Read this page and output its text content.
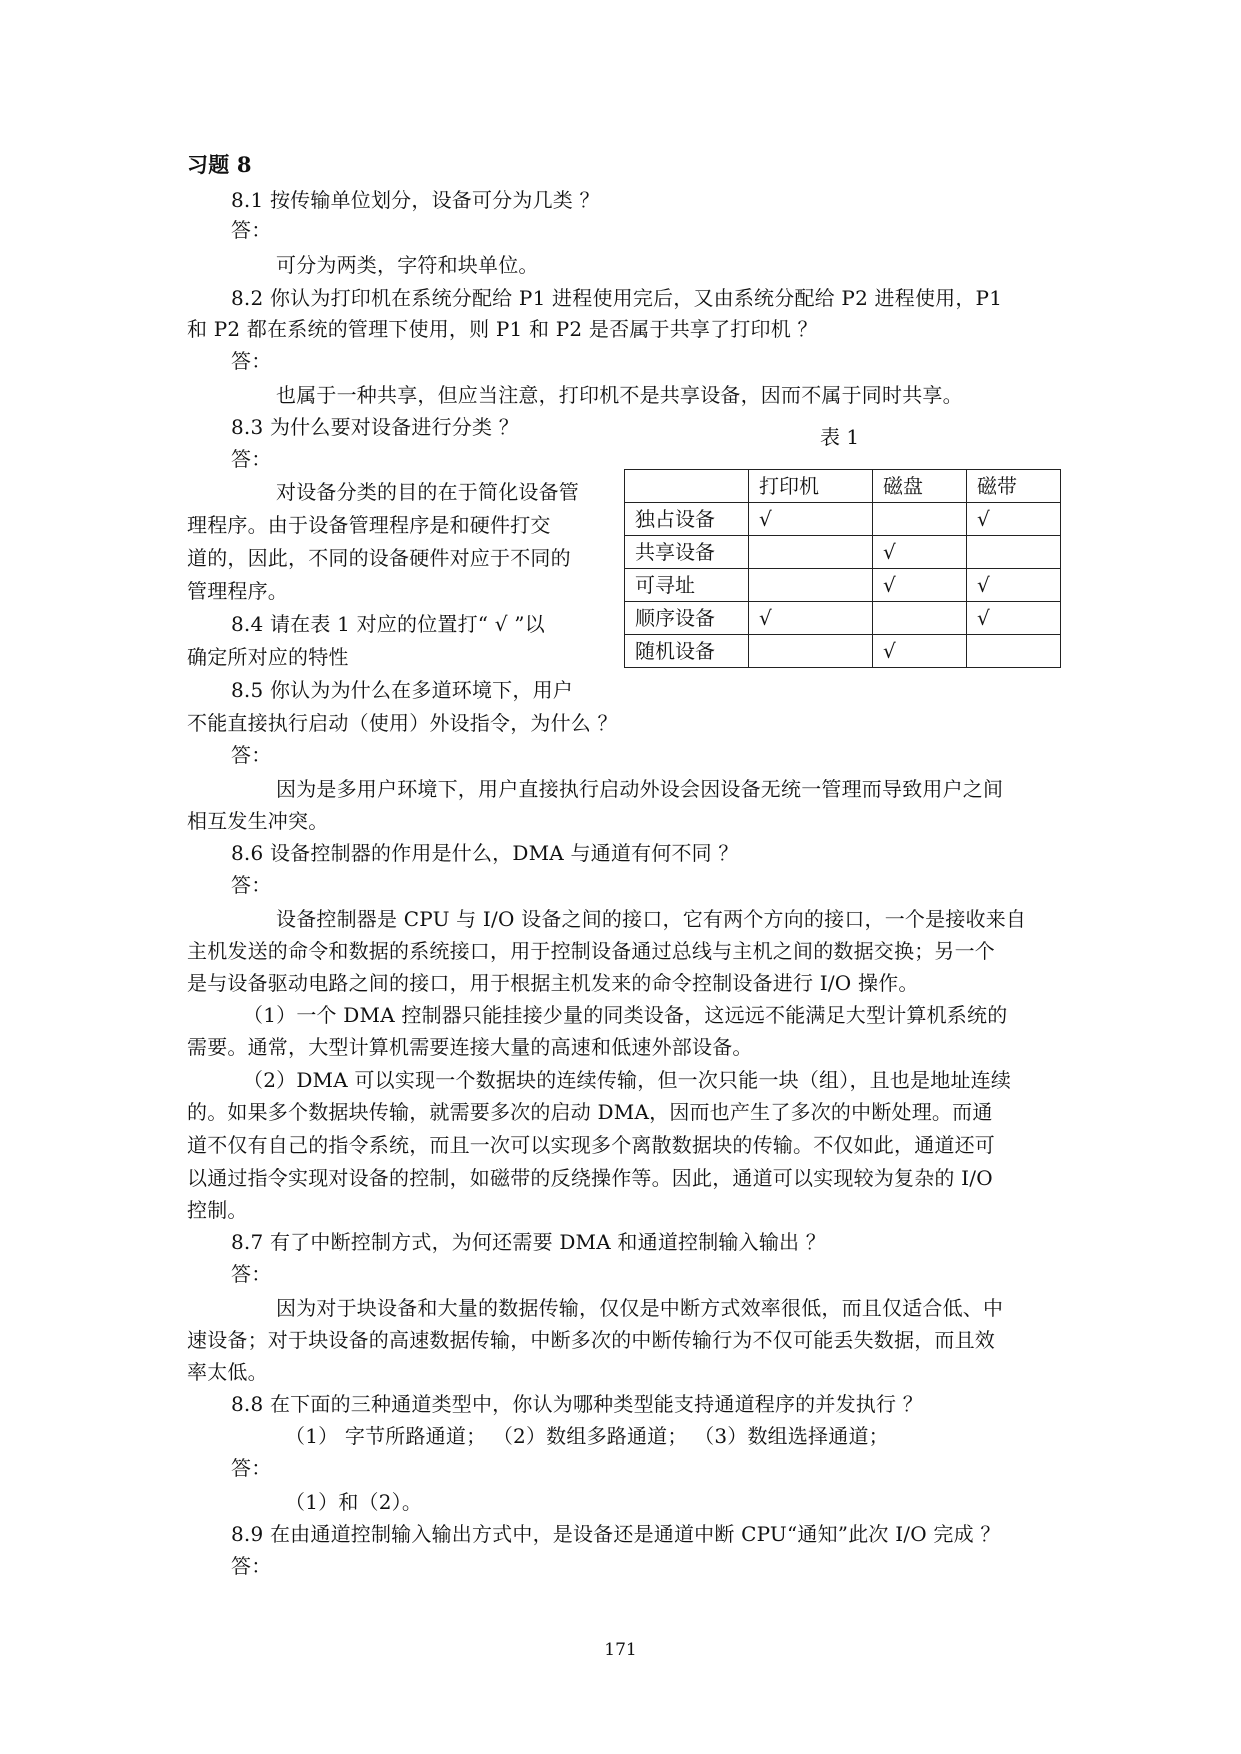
习题 8
8.1 按传输单位划分，设备可分为几类 ？
答：
可分为两类，字符和块单位。
8.2 你认为打印机在系统分配给 P1 进程使用完后，又由系统分配给 P2 进程使用，P1
和 P2 都在系统的管理下使用，则 P1 和 P2 是否属于共享了打印机 ？
答：
也属于一种共享，但应当注意，打印机不是共享设备，因而不属于同时共享。
8.3 为什么要对设备进行分类 ？
答：
对设备分类的目的在于简化设备管
理程序。由于设备管理程序是和硬件打交
道的，因此，不同的设备硬件对应于不同的
管理程序。
8.4 请在表 1 对应的位置打“ √ ”以
确定所对应的特性
8.5 你认为为什么在多道环境下，用户
不能直接执行启动（使用）外设指令，为什么 ？
答：
因为是多用户环境下，用户直接执行启动外设会因设备无统一管理而导致用户之间
相互发生冲突。
8.6 设备控制器的作用是什么，DMA 与通道有何不同 ？
答：
设备控制器是 CPU 与 I/O 设备之间的接口，它有两个方向的接口，一个是接收来自
主机发送的命令和数据的系统接口，用于控制设备通过总线与主机之间的数据交换；另一个
是与设备驱动电路之间的接口，用于根据主机发来的命令控制设备进行 I/O 操作。
（1）一个 DMA 控制器只能挂接少量的同类设备，这远远不能满足大型计算机系统的
需要。通常，大型计算机需要连接大量的高速和低速外部设备。
（2）DMA 可以实现一个数据块的连续传输，但一次只能一块（组），且也是地址连续
的。如果多个数据块传输，就需要多次的启动 DMA，因而也产生了多次的中断处理。而通
道不仅有自己的指令系统，而且一次可以实现多个离散数据块的传输。不仅如此，通道还可
以通过指令实现对设备的控制，如磁带的反绕操作等。因此，通道可以实现较为复杂的 I/O
控制。
8.7 有了中断控制方式，为何还需要 DMA 和通道控制输入输出 ？
答：
因为对于块设备和大量的数据传输，仅仅是中断方式效率很低，而且仅适合低、中
速设备；对于块设备的高速数据传输，中断多次的中断传输行为不仅可能丢失数据，而且效
率太低。
8.8 在下面的三种通道类型中，你认为哪种类型能支持通道程序的并发执行 ？
（1） 字节所路通道； （2）数组多路通道； （3）数组选择通道；
答：
（1）和（2）。
8.9 在由通道控制输入输出方式中，是设备还是通道中断 CPU“通知”此次 I/O 完成 ？
答：
表 1
	打印机	磁盘	磁带
独占设备	√		√
共享设备		√	
可寻址		√	√
顺序设备	√		√
随机设备		√	
171
